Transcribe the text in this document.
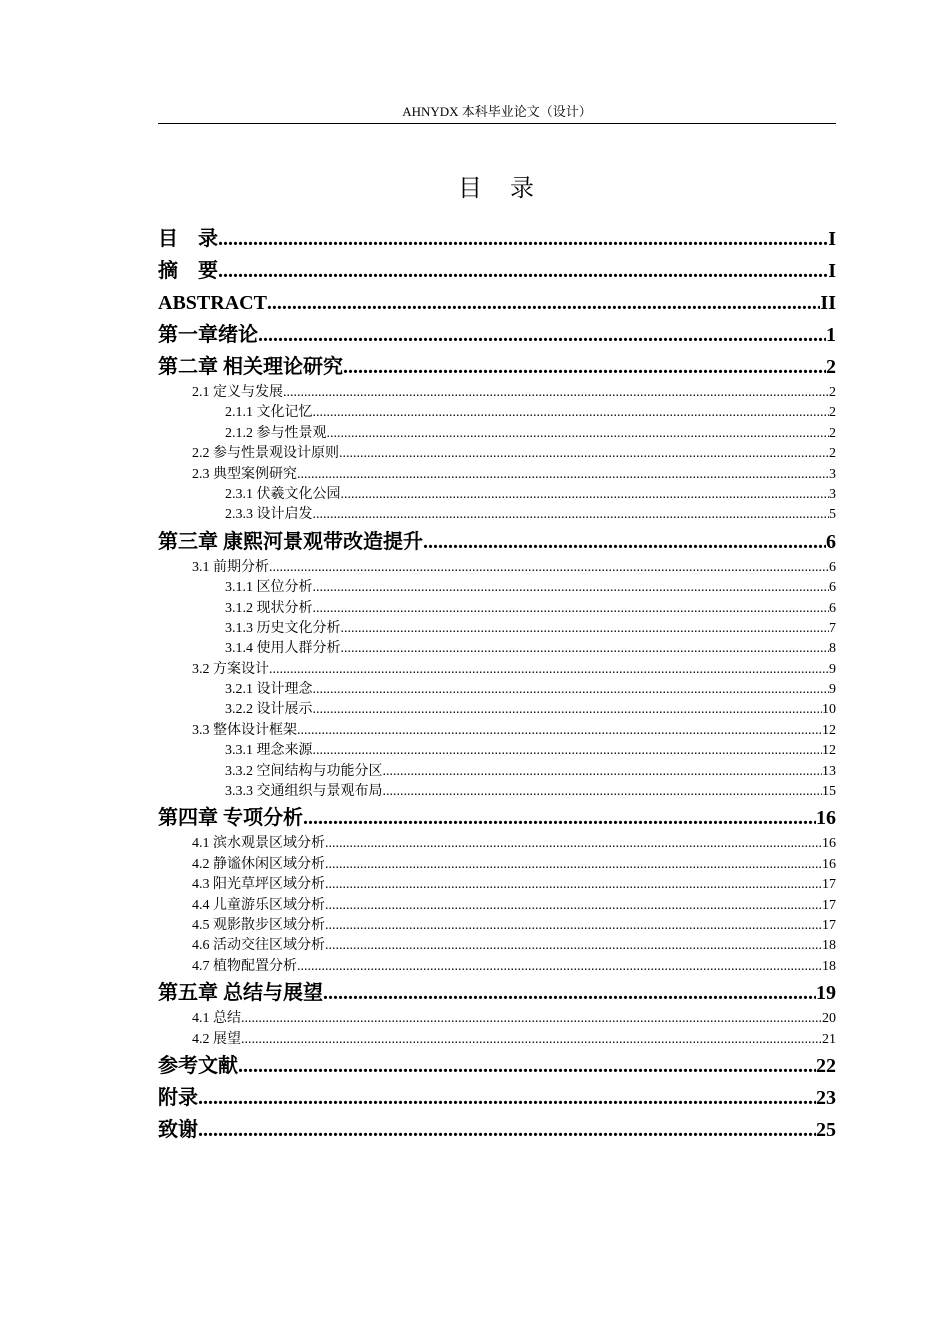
AHNYDX 本科毕业论文（设计）
目　录
目　录 .....	I
摘　要 .....	I
ABSTRACT .....	II
第一章绪论 .....	1
第二章 相关理论研究 .....	2
2.1 定义与发展 .....	2
2.1.1 文化记忆 .....	2
2.1.2 参与性景观 .....	2
2.2 参与性景观设计原则 .....	2
2.3 典型案例研究 .....	3
2.3.1 伏羲文化公园 .....	3
2.3.3 设计启发 .....	5
第三章 康熙河景观带改造提升 .....	6
3.1 前期分析 .....	6
3.1.1 区位分析 .....	6
3.1.2 现状分析 .....	6
3.1.3 历史文化分析 .....	7
3.1.4 使用人群分析 .....	8
3.2 方案设计 .....	9
3.2.1 设计理念 .....	9
3.2.2 设计展示 .....	10
3.3 整体设计框架 .....	12
3.3.1 理念来源 .....	12
3.3.2 空间结构与功能分区 .....	13
3.3.3 交通组织与景观布局 .....	15
第四章 专项分析 .....	16
4.1 滨水观景区域分析 .....	16
4.2 静谧休闲区域分析 .....	16
4.3 阳光草坪区域分析 .....	17
4.4 儿童游乐区域分析 .....	17
4.5 观影散步区域分析 .....	17
4.6 活动交往区域分析 .....	18
4.7 植物配置分析 .....	18
第五章 总结与展望 .....	19
4.1 总结 .....	20
4.2 展望 .....	21
参考文献 .....	22
附录 .....	23
致谢 .....	25
